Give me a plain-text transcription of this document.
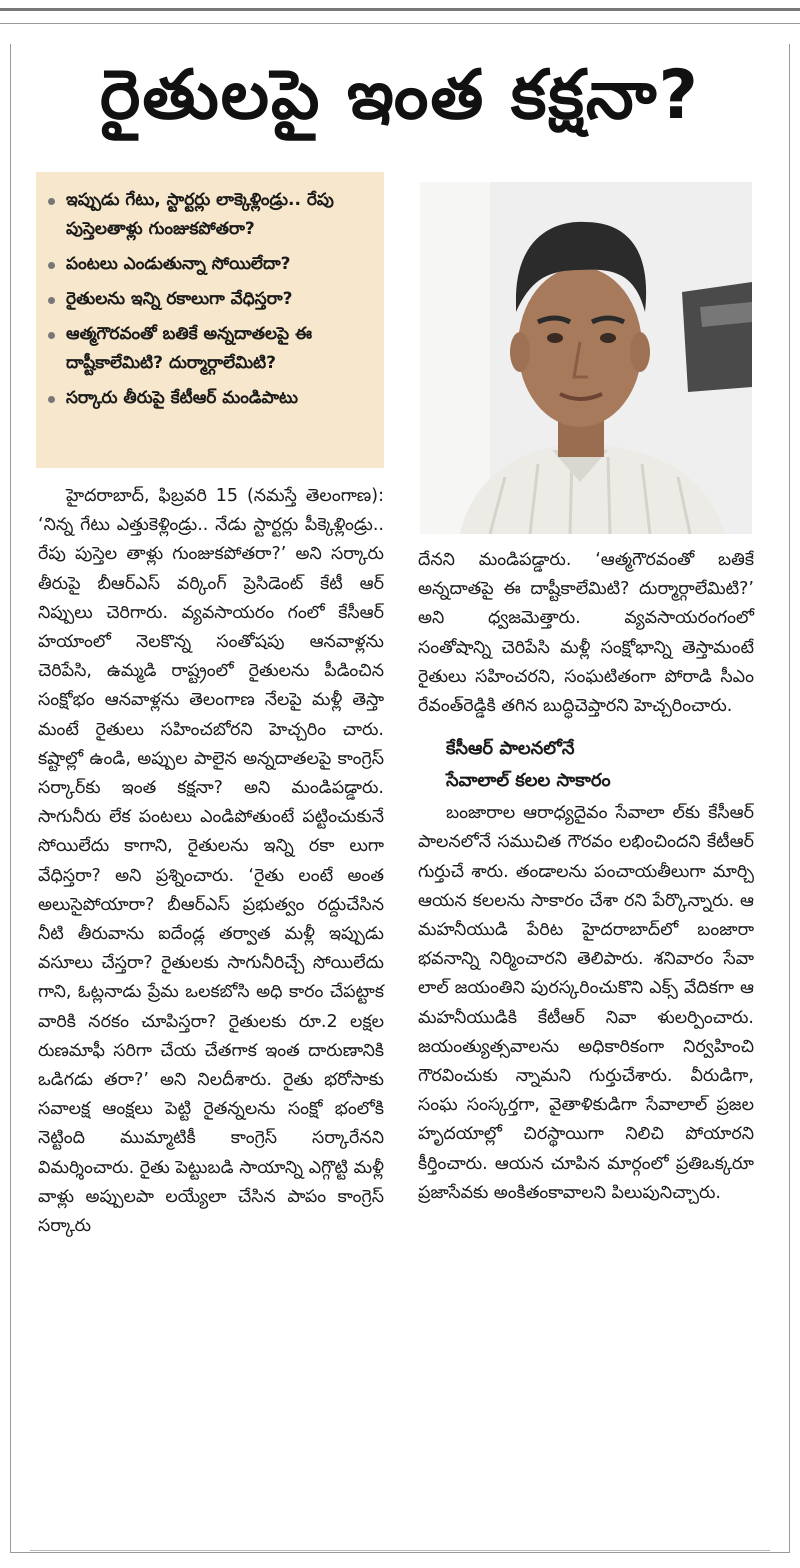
రైతులపై ఇంత కక్షనా?
ఇప్పుడు గేటు, స్టార్టర్లు లాక్కెళ్లిండ్రు.. రేపు పుస్తెలతాళ్లు గుంజుకపోతరా?
పంటలు ఎండుతున్నా సోయిలేదా?
రైతులను ఇన్ని రకాలుగా వేధిస్తరా?
ఆత్మగౌరవంతో బతికే అన్నదాతలపై ఈ దాష్టీకాలేమిటి? దుర్మార్గాలేమిటి?
సర్కారు తీరుపై కేటీఆర్ మండిపాటు

హైదరాబాద్, ఫిబ్రవరి 15 (నమస్తే తెలంగాణ): ‘నిన్న గేటు ఎత్తుకెళ్లిండ్రు.. నేడు స్టార్టర్లు పీక్కెళ్లిండ్రు.. రేపు పుస్తెల తాళ్లు గుంజుకపోతరా?’ అని సర్కారు తీరుపై బీఆర్‌ఎస్ వర్కింగ్ ప్రెసిడెంట్ కేటీ ఆర్ నిప్పులు చెరిగారు. వ్యవసాయరం గంలో కేసీఆర్ హయాంలో నెలకొన్న సంతోషపు ఆనవాళ్లను చెరిపేసి, ఉమ్మడి రాష్ట్రంలో రైతులను పీడించిన సంక్షోభం ఆనవాళ్లను తెలంగాణ నేలపై మళ్లీ తెస్తా మంటే రైతులు సహించబోరని హెచ్చరిం చారు. కష్టాల్లో ఉండి, అప్పుల పాలైన అన్నదాతలపై కాంగ్రెస్ సర్కార్‌కు ఇంత కక్షనా? అని మండిపడ్డారు. సాగునీరు లేక పంటలు ఎండిపోతుంటే పట్టించుకునే సోయిలేదు కాగాని, రైతులను ఇన్ని రకా లుగా వేధిస్తరా? అని ప్రశ్నించారు. ‘రైతు లంటే అంత అలుసైపోయారా? బీఆర్‌ఎస్ ప్రభుత్వం రద్దుచేసిన నీటి తీరువాను ఐదేండ్ల తర్వాత మళ్లీ ఇప్పుడు వసూలు చేస్తరా? రైతులకు సాగునీరిచ్చే సోయిలేదు గాని, ఓట్లనాడు ప్రేమ ఒలకబోసి అధి కారం చేపట్టాక వారికి నరకం చూపిస్తరా? రైతులకు రూ.2 లక్షల రుణమాఫీ సరిగా చేయ చేతగాక ఇంత దారుణానికి ఒడిగడు తరా?’ అని నిలదీశారు. రైతు భరోసాకు సవాలక్ష ఆంక్షలు పెట్టి రైతన్నలను సంక్షో భంలోకి నెట్టింది ముమ్మాటికీ కాంగ్రెస్ సర్కారేనని విమర్శించారు. రైతు పెట్టుబడి సాయాన్ని ఎగ్గొట్టి మళ్లీ వాళ్లు అప్పులపా లయ్యేలా చేసిన పాపం కాంగ్రెస్ సర్కారు

దేనని మండిపడ్డారు. ‘ఆత్మగౌరవంతో బతికే అన్నదాతపై ఈ దాష్టీకాలేమిటి? దుర్మార్గాలేమిటి?’ అని ధ్వజమెత్తారు. వ్యవసాయరంగంలో సంతోషాన్ని చెరిపేసి మళ్లీ సంక్షోభాన్ని తెస్తామంటే రైతులు సహించరని, సంఘటితంగా పోరాడి సీఎం రేవంత్‌రెడ్డికి తగిన బుద్ధిచెప్తారని హెచ్చరించారు.

కేసీఆర్ పాలనలోనే

సేవాలాల్ కలల సాకారం

బంజారాల ఆరాధ్యదైవం సేవాలా ల్‌కు కేసీఆర్ పాలనలోనే సముచిత గౌరవం లభించిందని కేటీఆర్ గుర్తుచే శారు. తండాలను పంచాయతీలుగా మార్చి ఆయన కలలను సాకారం చేశా రని పేర్కొన్నారు. ఆ మహనీయుడి పేరిట హైదరాబాద్‌లో బంజారా భవనాన్ని నిర్మించారని తెలిపారు. శనివారం సేవా లాల్ జయంతిని పురస్కరించుకొని ఎక్స్ వేదికగా ఆ మహనీయుడికి కేటీఆర్ నివా ళులర్పించారు. జయంత్యుత్సవాలను అధికారికంగా నిర్వహించి గౌరవించుకు న్నామని గుర్తుచేశారు. వీరుడిగా, సంఘ సంస్కర్తగా, వైతాళికుడిగా సేవాలాల్ ప్రజల హృదయాల్లో చిరస్థాయిగా నిలిచి పోయారని కీర్తించారు. ఆయన చూపిన మార్గంలో ప్రతిఒక్కరూ ప్రజాసేవకు అంకితంకావాలని పిలుపునిచ్చారు.
